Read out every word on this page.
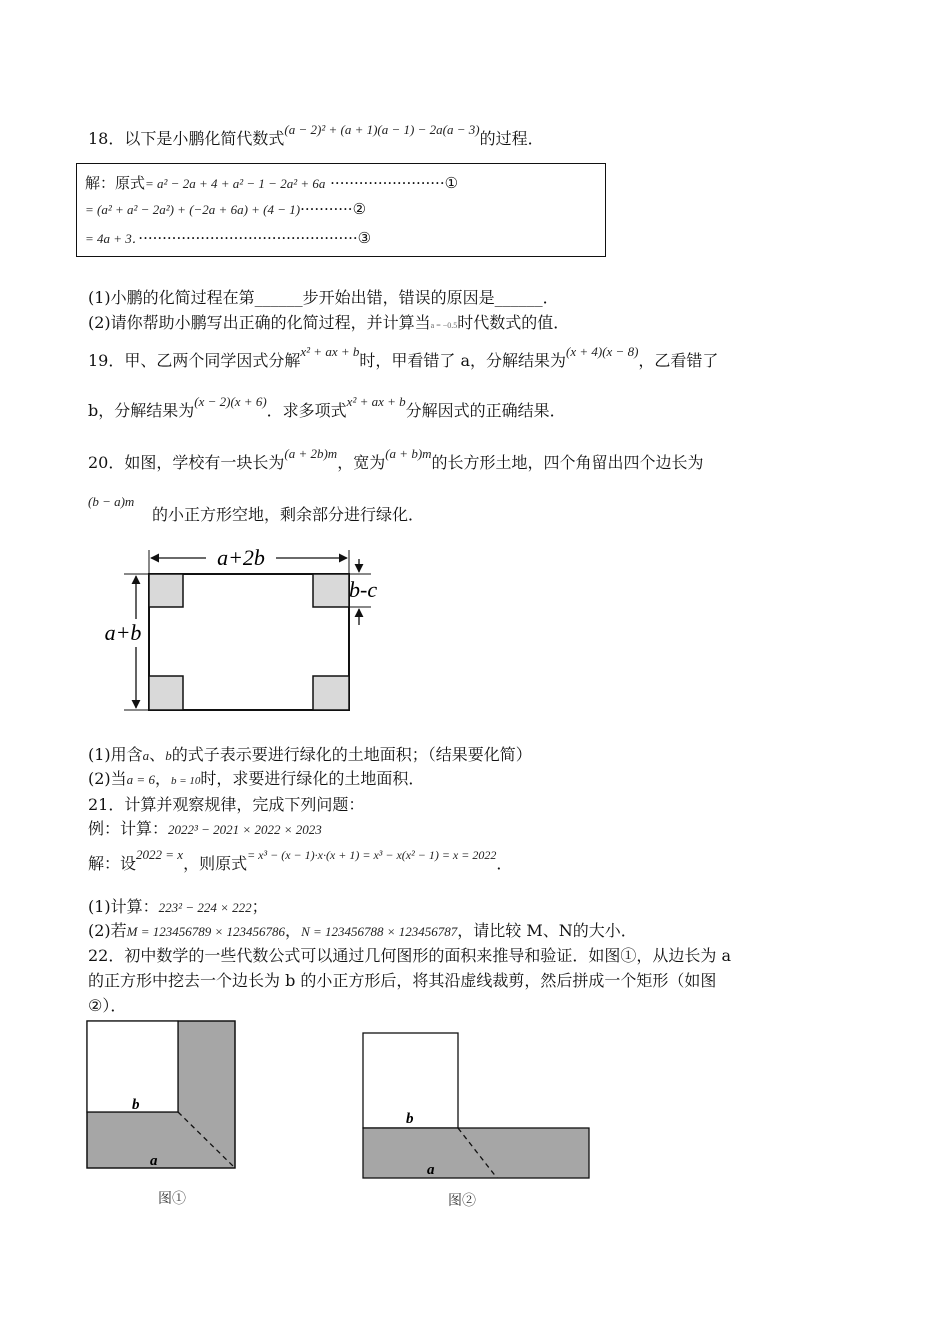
18．以下是小鹏化简代数式$^{(a - 2)^2 + (a + 1)(a - 1) - 2a(a - 3)}$的过程．
解：原式= a² − 2a + 4 + a² − 1 − 2a² + 6a ························①
= (a² + a² − 2a²) + (−2a + 6a) + (4 − 1)···········②
= 4a + 3．··············································③
(1)小鹏的化简过程在第______步开始出错，错误的原因是______．
(2)请你帮助小鹏写出正确的化简过程，并计算当a = −0.5时代数式的值．
19．甲、乙两个同学因式分解$^{x^2 + ax + b}$时，甲看错了 a，分解结果为$^{(x + 4)(x - 8)}$，乙看错了
b，分解结果为$^{(x - 2)(x + 6)}$．求多项式$^{x^2 + ax + b}$分解因式的正确结果．
20．如图，学校有一块长为$^{(a + 2b)m}$，宽为$^{(a + b)m}$的长方形土地，四个角留出四个边长为
(b − a)m
的小正方形空地，剩余部分进行绿化．
a+2b
a+b
b-c
(1)用含a、b的式子表示要进行绿化的土地面积；（结果要化简）
(2)当a = 6，b = 10时，求要进行绿化的土地面积．
21．计算并观察规律，完成下列问题：
例：计算：2022³ − 2021 × 2022 × 2023
解：设$^{2022 = x}$，则原式$^{= x^3 - (x - 1)\cdot x\cdot(x + 1) = x^3 - x(x^2 - 1) = x = 2022}$．
(1)计算：223² − 224 × 222；
(2)若M = 123456789 × 123456786，N = 123456788 × 123456787，请比较 M、N的大小．
22．初中数学的一些代数公式可以通过几何图形的面积来推导和验证．如图①，从边长为 a
的正方形中挖去一个边长为 b 的小正方形后，将其沿虚线裁剪，然后拼成一个矩形（如图
②）．
b
a
图①
b
a
图②
